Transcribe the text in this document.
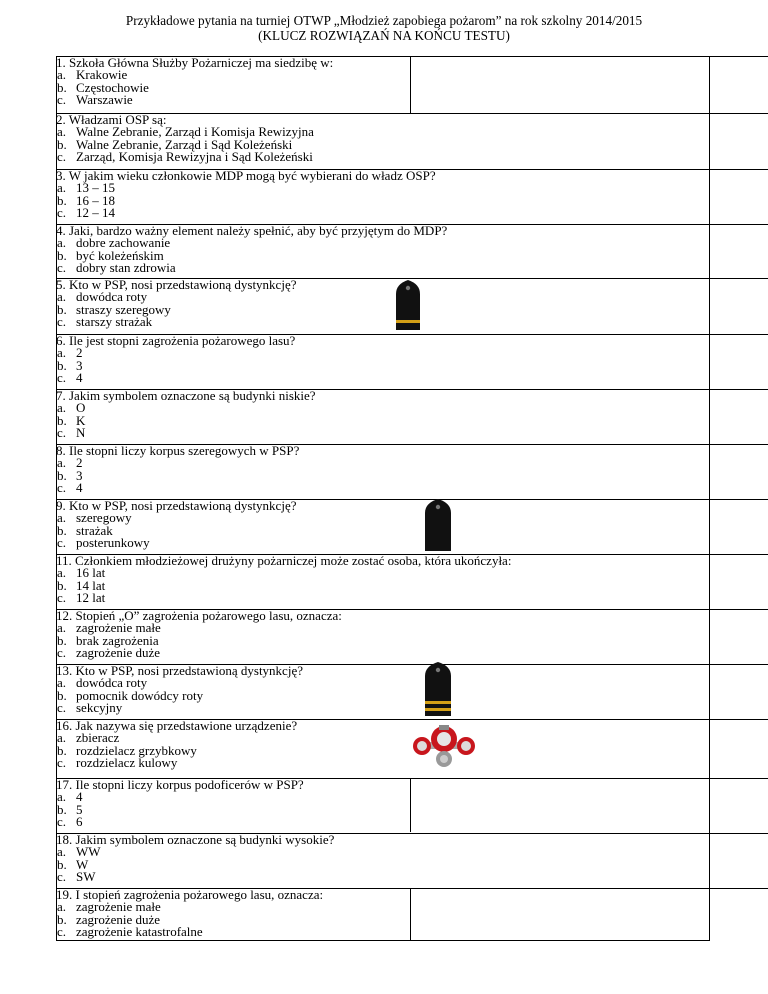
Przykładowe pytania na turniej OTWP „Młodzież zapobiega pożarom” na rok szkolny 2014/2015
(KLUCZ ROZWIĄZAŃ NA KOŃCU TESTU)
1. Szkoła Główna Służby Pożarniczej ma siedzibę w:
a. Krakowie
b. Częstochowie
c. Warszawie
2. Władzami OSP są:
a. Walne Zebranie, Zarząd i Komisja Rewizyjna
b. Walne Zebranie, Zarząd i Sąd Koleżeński
c. Zarząd, Komisja Rewizyjna i Sąd Koleżeński
3. W jakim wieku członkowie MDP mogą być wybierani do władz OSP?
a. 13 – 15
b. 16 – 18
c. 12 – 14
4. Jaki, bardzo ważny element należy spełnić, aby być przyjętym do MDP?
a. dobre zachowanie
b. być koleżeńskim
c. dobry stan zdrowia
5. Kto w PSP, nosi przedstawioną dystynkcję?
a. dowódca roty
b. straszy szeregowy
c. starszy strażak
6. Ile jest stopni zagrożenia pożarowego lasu?
a. 2
b. 3
c. 4
7. Jakim symbolem oznaczone są budynki niskie?
a. O
b. K
c. N
8. Ile stopni liczy korpus szeregowych w PSP?
a. 2
b. 3
c. 4
9. Kto w PSP, nosi przedstawioną dystynkcję?
a. szeregowy
b. strażak
c. posterunkowy
11. Członkiem młodzieżowej drużyny pożarniczej może zostać osoba, która ukończyła:
a. 16 lat
b. 14 lat
c. 12 lat
12. Stopień „O” zagrożenia pożarowego lasu, oznacza:
a. zagrożenie małe
b. brak zagrożenia
c. zagrożenie duże
13. Kto w PSP, nosi przedstawioną dystynkcję?
a. dowódca roty
b. pomocnik dowódcy roty
c. sekcyjny
16. Jak nazywa się przedstawione urządzenie?
a. zbieracz
b. rozdzielacz grzybkowy
c. rozdzielacz kulowy
17. Ile stopni liczy korpus podoficerów w PSP?
a. 4
b. 5
c. 6
18. Jakim symbolem oznaczone są budynki wysokie?
a. WW
b. W
c. SW
19. I stopień zagrożenia pożarowego lasu, oznacza:
a. zagrożenie małe
b. zagrożenie duże
c. zagrożenie katastrofalne
